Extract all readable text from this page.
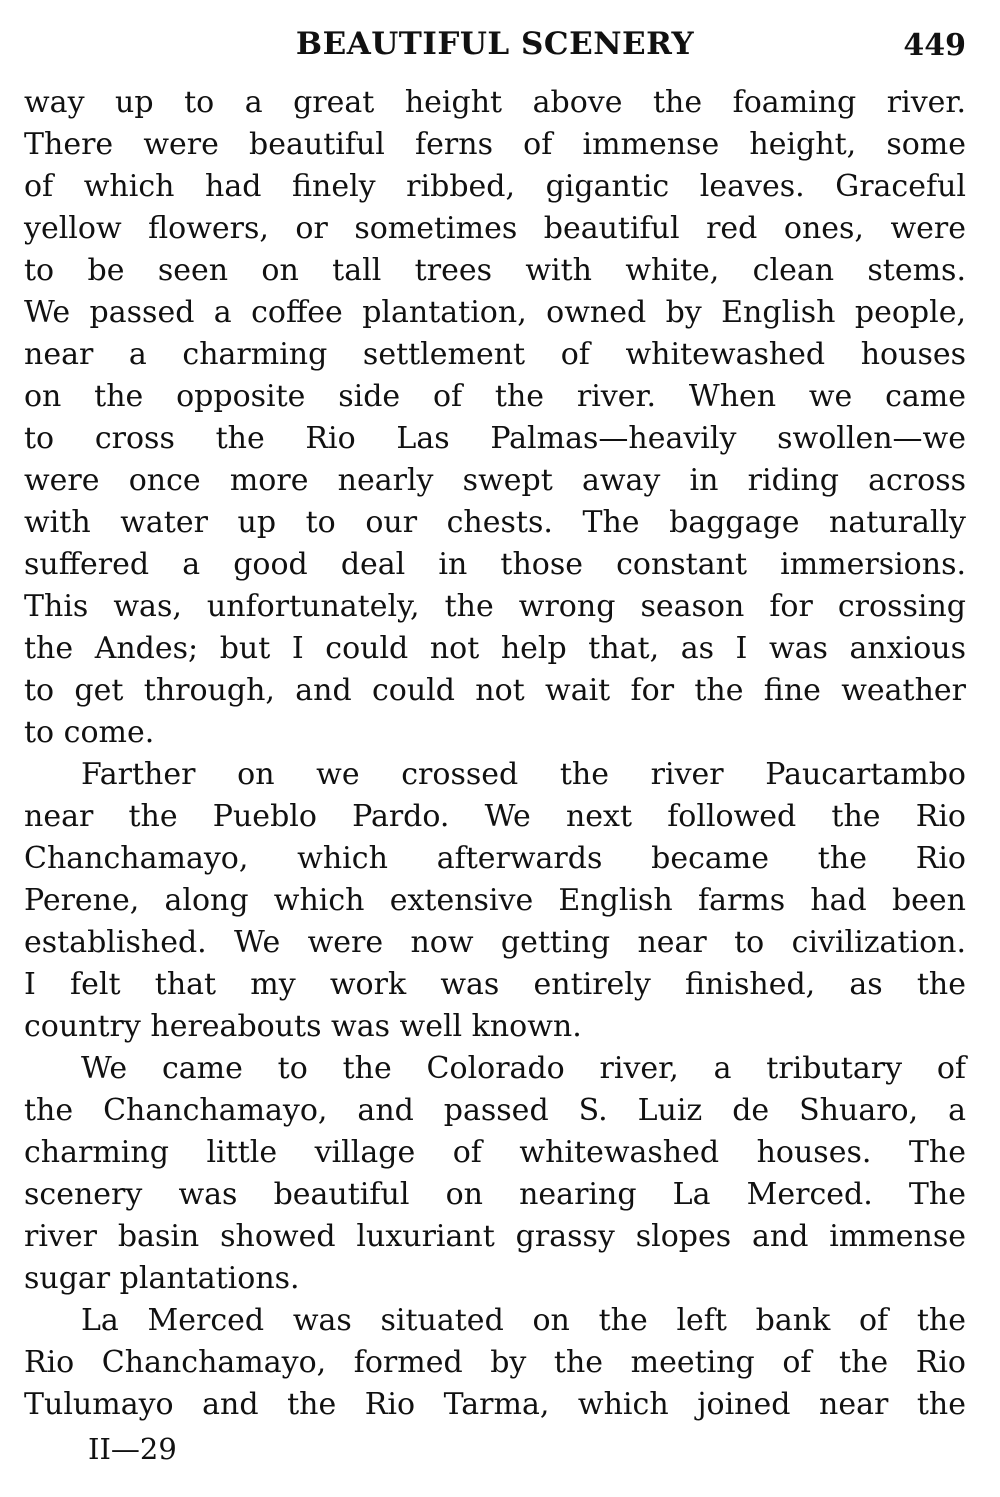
BEAUTIFUL SCENERY	449
way up to a great height above the foaming river.
There were beautiful ferns of immense height, some
of which had finely ribbed, gigantic leaves. Graceful
yellow flowers, or sometimes beautiful red ones, were
to be seen on tall trees with white, clean stems.
We passed a coffee plantation, owned by English people,
near a charming settlement of whitewashed houses
on the opposite side of the river. When we came
to cross the Rio Las Palmas—heavily swollen—we
were once more nearly swept away in riding across
with water up to our chests. The baggage naturally
suffered a good deal in those constant immersions.
This was, unfortunately, the wrong season for crossing
the Andes; but I could not help that, as I was anxious
to get through, and could not wait for the fine weather
to come.
Farther on we crossed the river Paucartambo
near the Pueblo Pardo. We next followed the Rio
Chanchamayo, which afterwards became the Rio
Perene, along which extensive English farms had been
established. We were now getting near to civilization.
I felt that my work was entirely finished, as the
country hereabouts was well known.
We came to the Colorado river, a tributary of
the Chanchamayo, and passed S. Luiz de Shuaro, a
charming little village of whitewashed houses. The
scenery was beautiful on nearing La Merced. The
river basin showed luxuriant grassy slopes and immense
sugar plantations.
La Merced was situated on the left bank of the
Rio Chanchamayo, formed by the meeting of the Rio
Tulumayo and the Rio Tarma, which joined near the
II—29
